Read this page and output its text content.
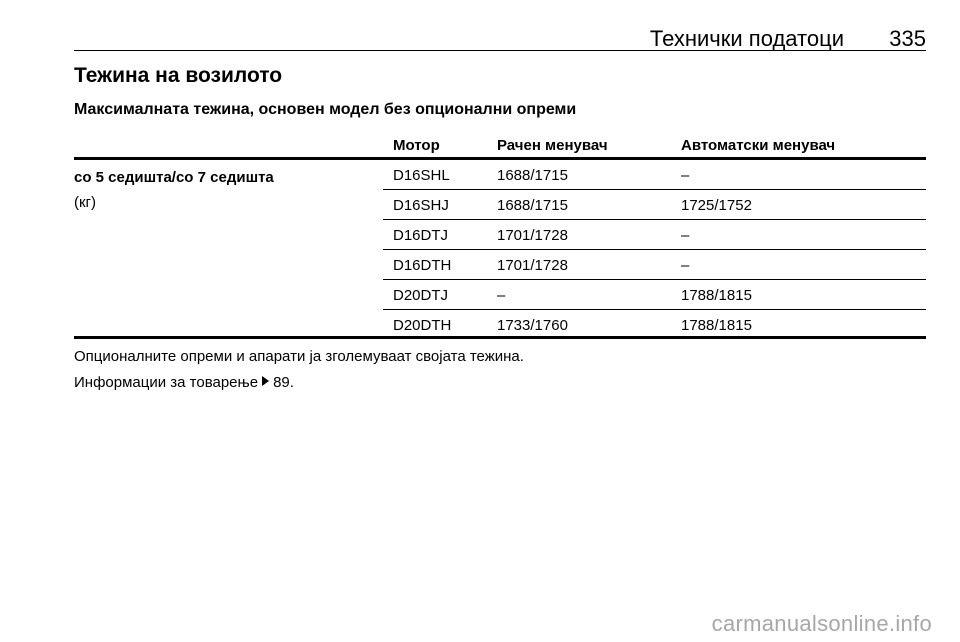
Технички податоци 335
Тежина на возилото
Максималната тежина, основен модел без опционални опреми
Мотор	Рачен менувач	Автоматски менувач
со 5 седишта/со 7 седишта
(кг)
D16SHL	1688/1715	–
D16SHJ	1688/1715	1725/1752
D16DTJ	1701/1728	–
D16DTH	1701/1728	–
D20DTJ	–	1788/1815
D20DTH	1733/1760	1788/1815
Опционалните опреми и апарати ја зголемуваат својата тежина.
Информации за товарење 89.
carmanualsonline.info
